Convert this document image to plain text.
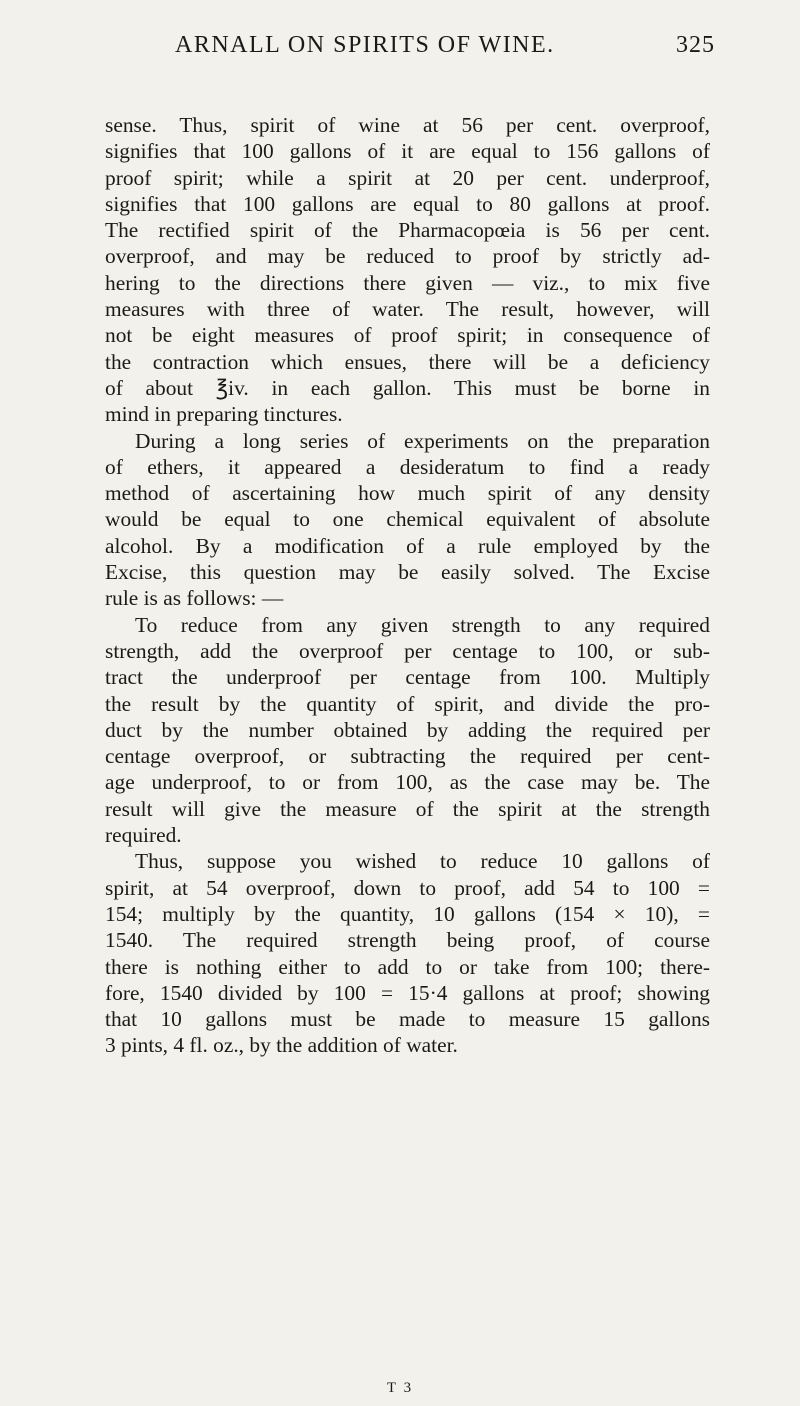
ARNALL ON SPIRITS OF WINE.	325
sense. Thus, spirit of wine at 56 per cent. overproof,
signifies that 100 gallons of it are equal to 156 gallons of
proof spirit; while a spirit at 20 per cent. underproof,
signifies that 100 gallons are equal to 80 gallons at proof.
The rectified spirit of the Pharmacopœia is 56 per cent.
overproof, and may be reduced to proof by strictly ad-
hering to the directions there given — viz., to mix five
measures with three of water. The result, however, will
not be eight measures of proof spirit; in consequence of
the contraction which ensues, there will be a deficiency
of about ℥iv. in each gallon. This must be borne in
mind in preparing tinctures.
During a long series of experiments on the preparation
of ethers, it appeared a desideratum to find a ready
method of ascertaining how much spirit of any density
would be equal to one chemical equivalent of absolute
alcohol. By a modification of a rule employed by the
Excise, this question may be easily solved. The Excise
rule is as follows: —
To reduce from any given strength to any required
strength, add the overproof per centage to 100, or sub-
tract the underproof per centage from 100. Multiply
the result by the quantity of spirit, and divide the pro-
duct by the number obtained by adding the required per
centage overproof, or subtracting the required per cent-
age underproof, to or from 100, as the case may be. The
result will give the measure of the spirit at the strength
required.
Thus, suppose you wished to reduce 10 gallons of
spirit, at 54 overproof, down to proof, add 54 to 100 =
154; multiply by the quantity, 10 gallons (154 × 10), =
1540. The required strength being proof, of course
there is nothing either to add to or take from 100; there-
fore, 1540 divided by 100 = 15·4 gallons at proof; showing
that 10 gallons must be made to measure 15 gallons
3 pints, 4 fl. oz., by the addition of water.
T 3
